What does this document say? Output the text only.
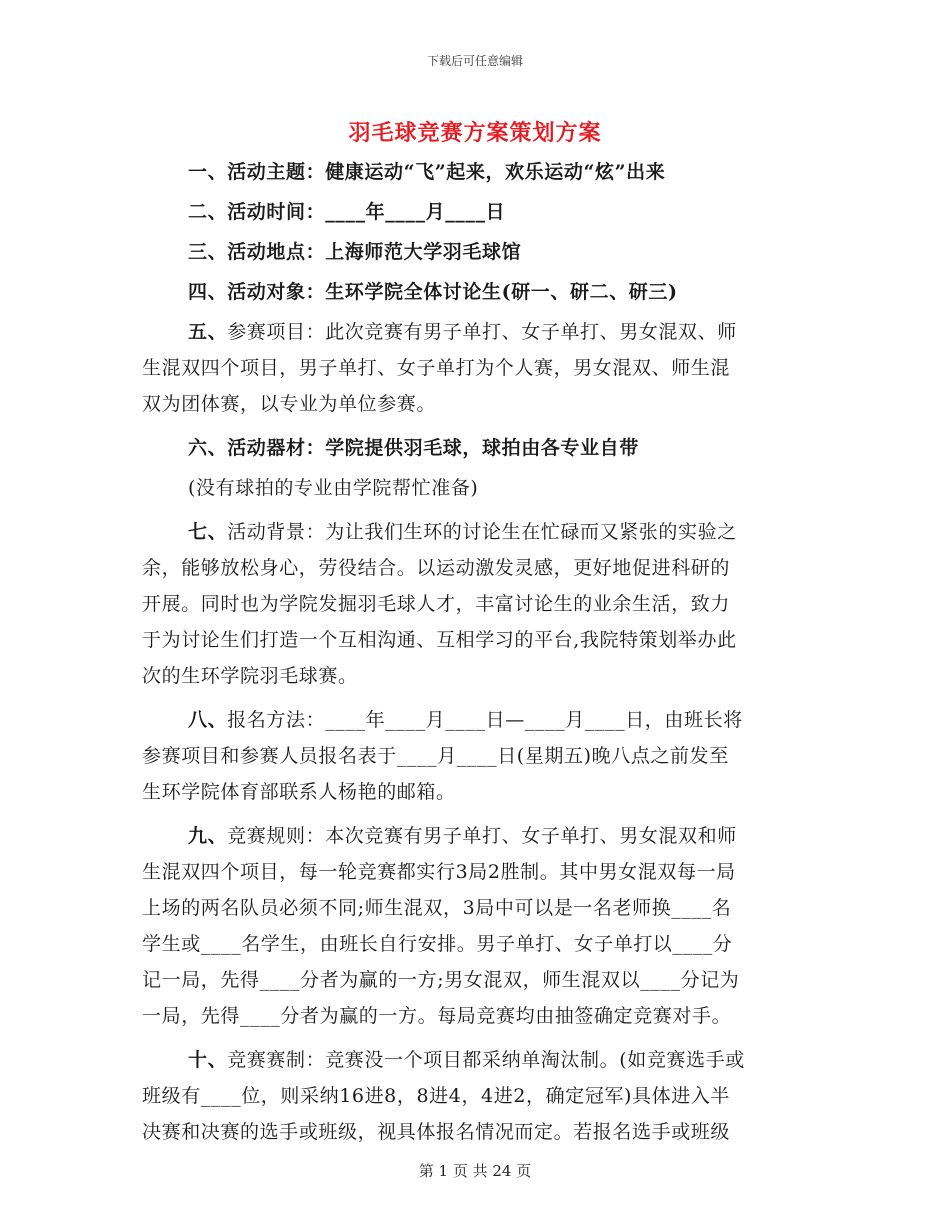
下载后可任意编辑
羽毛球竞赛方案策划方案
一、活动主题：健康运动“飞”起来，欢乐运动“炫”出来
二、活动时间：____年____月____日
三、活动地点：上海师范大学羽毛球馆
四、活动对象：生环学院全体讨论生(研一、研二、研三)
五、参赛项目：此次竞赛有男子单打、女子单打、男女混双、师
生混双四个项目，男子单打、女子单打为个人赛，男女混双、师生混
双为团体赛，以专业为单位参赛。
六、活动器材：学院提供羽毛球，球拍由各专业自带
(没有球拍的专业由学院帮忙准备)
七、活动背景：为让我们生环的讨论生在忙碌而又紧张的实验之
余，能够放松身心，劳役结合。以运动激发灵感，更好地促进科研的
开展。同时也为学院发掘羽毛球人才，丰富讨论生的业余生活，致力
于为讨论生们打造一个互相沟通、互相学习的平台,我院特策划举办此
次的生环学院羽毛球赛。
八、报名方法：____年____月____日—____月____日，由班长将
参赛项目和参赛人员报名表于____月____日(星期五)晚八点之前发至
生环学院体育部联系人杨艳的邮箱。
九、竞赛规则：本次竞赛有男子单打、女子单打、男女混双和师
生混双四个项目，每一轮竞赛都实行3局2胜制。其中男女混双每一局
上场的两名队员必须不同;师生混双，3局中可以是一名老师换____名
学生或____名学生，由班长自行安排。男子单打、女子单打以____分
记一局，先得____分者为赢的一方;男女混双，师生混双以____分记为
一局，先得____分者为赢的一方。每局竞赛均由抽签确定竞赛对手。
十、竞赛赛制：竞赛没一个项目都采纳单淘汰制。(如竞赛选手或
班级有____位，则采纳16进8，8进4，4进2，确定冠军)具体进入半
决赛和决赛的选手或班级，视具体报名情况而定。若报名选手或班级
第 1 页 共 24 页
